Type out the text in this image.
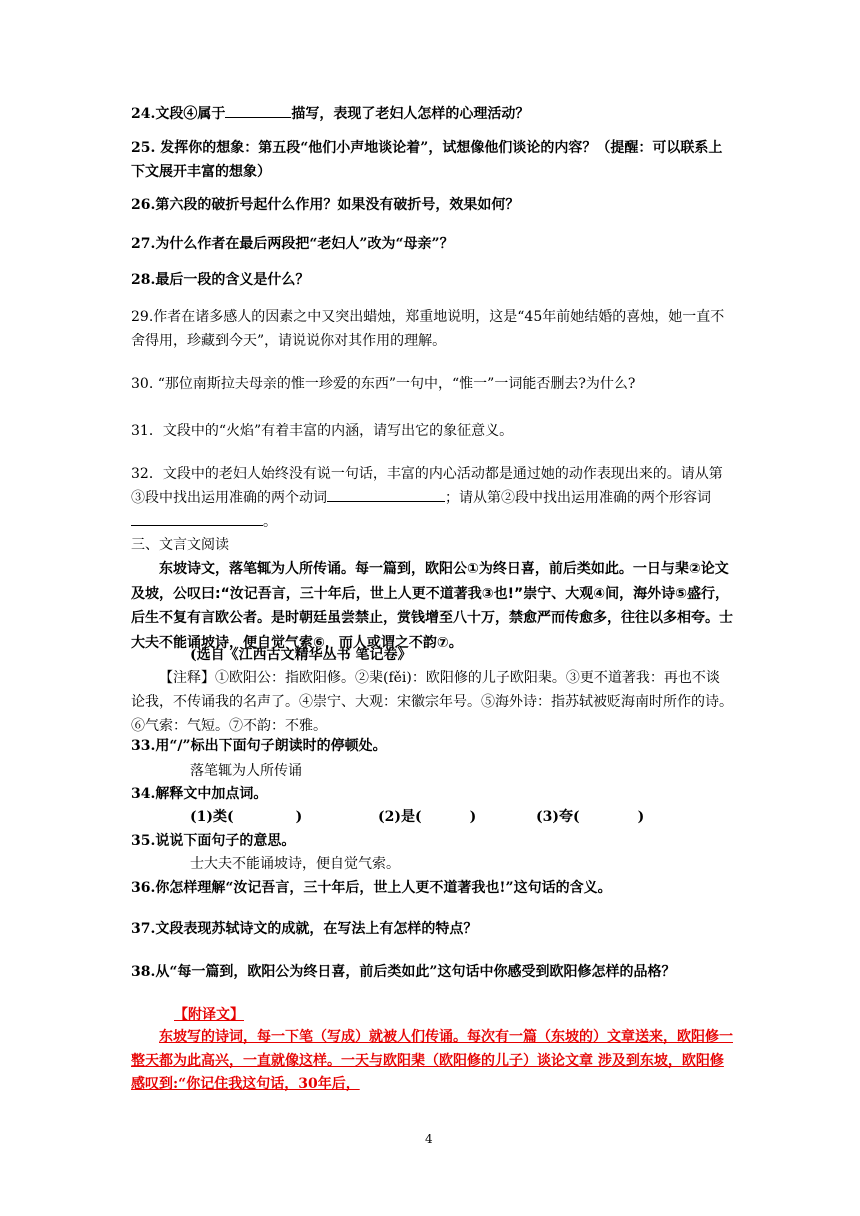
24.文段④属于	描写，表现了老妇人怎样的心理活动？
25. 发挥你的想象：第五段“他们小声地谈论着”，试想像他们谈论的内容？（提醒：可以联系上下文展开丰富的想象）
26.第六段的破折号起什么作用？如果没有破折号，效果如何？
27.为什么作者在最后两段把“老妇人”改为“母亲”？
28.最后一段的含义是什么？
29.作者在诸多感人的因素之中又突出蜡烛，郑重地说明，这是“45年前她结婚的喜烛，她一直不舍得用，珍藏到今天”，请说说你对其作用的理解。
30. “那位南斯拉夫母亲的惟一珍爱的东西”一句中，“惟一”一词能否删去?为什么?
31．文段中的“火焰”有着丰富的内涵，请写出它的象征意义。
32．文段中的老妇人始终没有说一句话，丰富的内心活动都是通过她的动作表现出来的。请从第③段中找出运用准确的两个动词	；请从第②段中找出运用准确的两个形容词。
三、文言文阅读
东坡诗文，落笔辄为人所传诵。每一篇到，欧阳公①为终日喜，前后类如此。一日与棐②论文及坡，公叹曰:“汝记吾言，三十年后，世上人更不道著我③也!”崇宁、大观④间，海外诗⑤盛行，后生不复有言欧公者。是时朝廷虽尝禁止，赏钱增至八十万，禁愈严而传愈多，往往以多相夸。士大夫不能诵坡诗，便自觉气索⑥，而人或谓之不韵⑦。
(选自《江西古文精华丛书 笔记卷》
【注释】①欧阳公：指欧阳修。②棐(fěi)：欧阳修的儿子欧阳棐。③更不道著我：再也不谈论我，不传诵我的名声了。④崇宁、大观：宋徽宗年号。⑤海外诗：指苏轼被贬海南时所作的诗。⑥气索：气短。⑦不韵：不雅。
33.用“/”标出下面句子朗读时的停顿处。
落笔辄为人所传诵
34.解释文中加点词。
(1)类(	)	(2)是(	)	(3)夸(	)
35.说说下面句子的意思。
士大夫不能诵坡诗，便自觉气索。
36.你怎样理解“汝记吾言，三十年后，世上人更不道著我也!”这句话的含义。
37.文段表现苏轼诗文的成就，在写法上有怎样的特点？
38.从“每一篇到，欧阳公为终日喜，前后类如此”这句话中你感受到欧阳修怎样的品格？
【附译文】
东坡写的诗词，每一下笔（写成）就被人们传诵。每次有一篇（东坡的）文章送来，欧阳修一整天都为此高兴，一直就像这样。一天与欧阳棐（欧阳修的儿子）谈论文章 涉及到东坡，欧阳修感叹到:“你记住我这句话，30年后，
4
